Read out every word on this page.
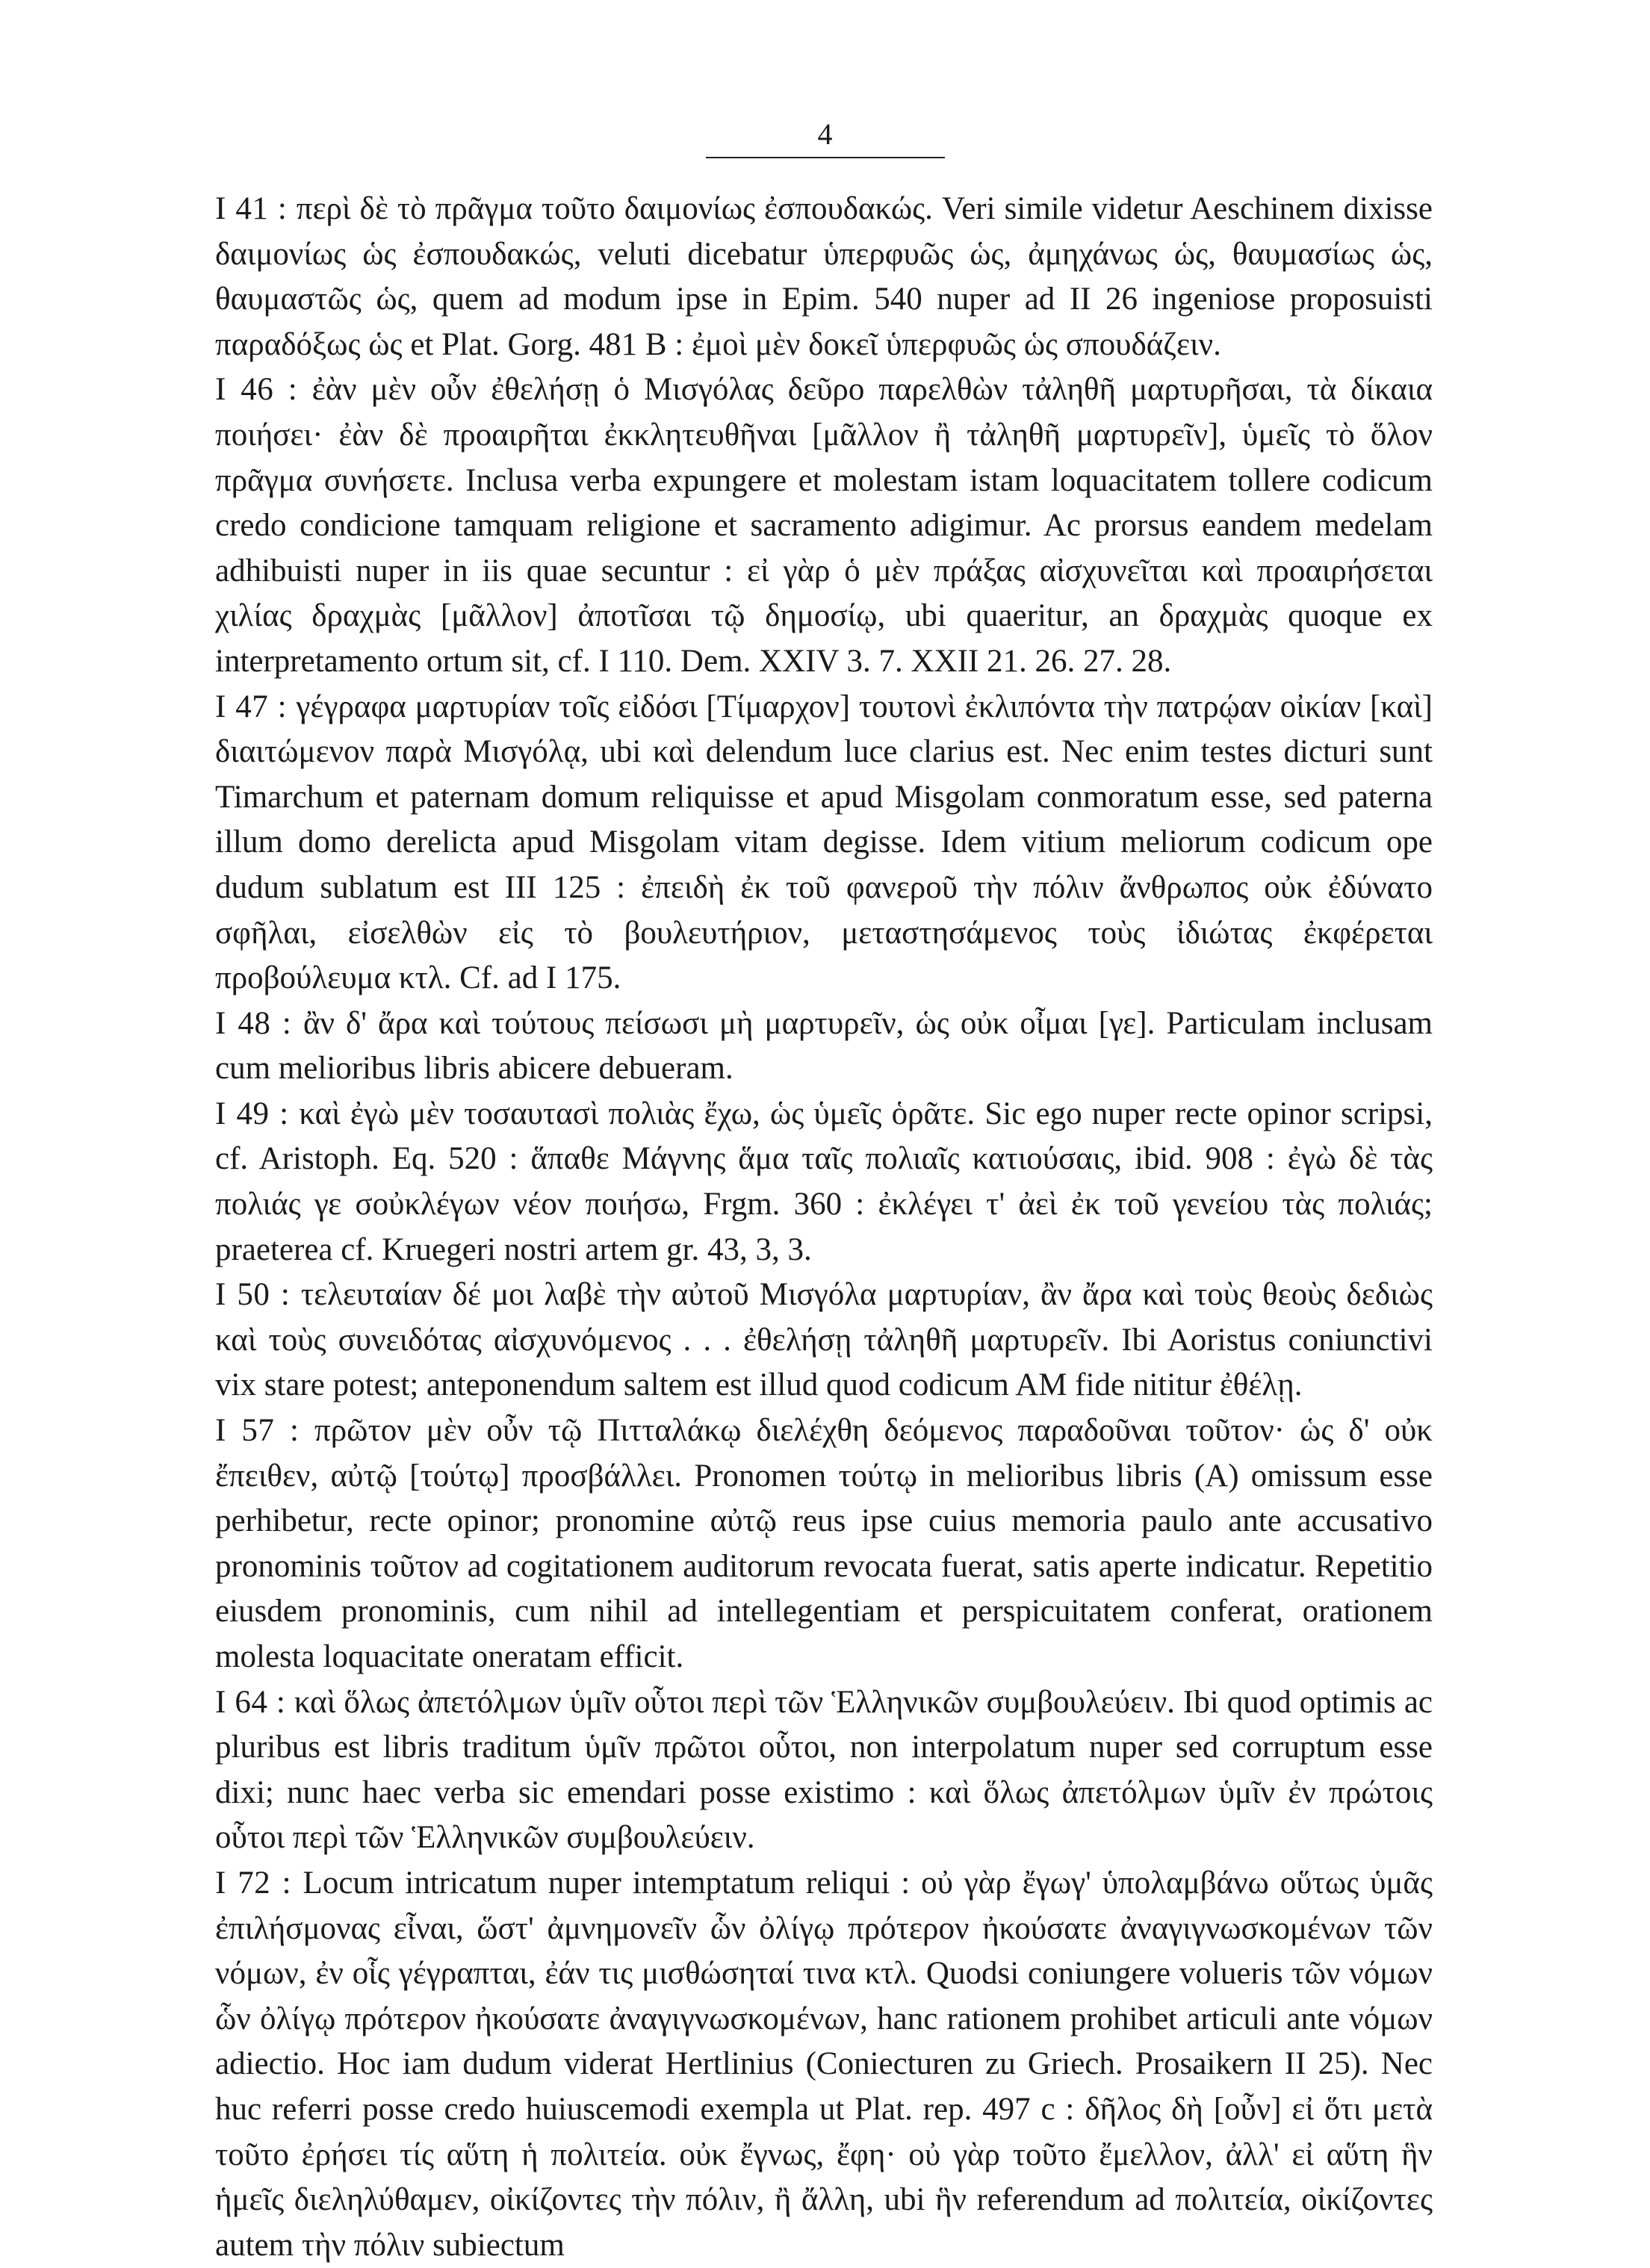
4

I 41 : περὶ δὲ τὸ πρᾶγμα τοῦτο δαιμονίως ἐσπουδακώς. Veri simile videtur Aeschinem dixisse δαιμονίως ὡς ἐσπουδακώς, veluti dicebatur ὑπερφυῶς ὡς, ἀμηχάνως ὡς, θαυμασίως ὡς, θαυμαστῶς ὡς, quem ad modum ipse in Epim. 540 nuper ad II 26 ingeniose proposuisti παραδόξως ὡς et Plat. Gorg. 481 B : ἐμοὶ μὲν δοκεῖ ὑπερφυῶς ὡς σπουδάζειν.

I 46 : ἐὰν μὲν οὖν ἐθελήσῃ ὁ Μισγόλας δεῦρο παρελθὼν τἀληθῆ μαρτυρῆσαι, τὰ δίκαια ποιήσει· ἐὰν δὲ προαιρῆται ἐκκλητευθῆναι [μᾶλλον ἢ τἀληθῆ μαρτυρεῖν], ὑμεῖς τὸ ὅλον πρᾶγμα συνήσετε. Inclusa verba expungere et molestam istam loquacitatem tollere codicum credo condicione tamquam religione et sacramento adigimur. Ac prorsus eandem medelam adhibuisti nuper in iis quae secuntur : εἰ γὰρ ὁ μὲν πράξας αἰσχυνεῖται καὶ προαιρήσεται χιλίας δραχμὰς [μᾶλλον] ἀποτῖσαι τῷ δημοσίῳ, ubi quaeritur, an δραχμὰς quoque ex interpretamento ortum sit, cf. I 110. Dem. XXIV 3. 7. XXII 21. 26. 27. 28.

I 47 : γέγραφα μαρτυρίαν τοῖς εἰδόσι [Τίμαρχον] τουτονὶ ἐκλιπόντα τὴν πατρῴαν οἰκίαν [καὶ] διαιτώμενον παρὰ Μισγόλᾳ, ubi καὶ delendum luce clarius est. Nec enim testes dicturi sunt Timarchum et paternam domum reliquisse et apud Misgolam conmoratum esse, sed paterna illum domo derelicta apud Misgolam vitam degisse. Idem vitium meliorum codicum ope dudum sublatum est III 125 : ἐπειδὴ ἐκ τοῦ φανεροῦ τὴν πόλιν ἄνθρωπος οὐκ ἐδύνατο σφῆλαι, εἰσελθὼν εἰς τὸ βουλευτήριον, μεταστησάμενος τοὺς ἰδιώτας ἐκφέρεται προβούλευμα κτλ. Cf. ad I 175.

I 48 : ἂν δ' ἄρα καὶ τούτους πείσωσι μὴ μαρτυρεῖν, ὡς οὐκ οἶμαι [γε]. Particulam inclusam cum melioribus libris abicere debueram.

I 49 : καὶ ἐγὼ μὲν τοσαυτασὶ πολιὰς ἔχω, ὡς ὑμεῖς ὁρᾶτε. Sic ego nuper recte opinor scripsi, cf. Aristoph. Eq. 520 : ἅπαθε Μάγνης ἅμα ταῖς πολιαῖς κατιούσαις, ibid. 908 : ἐγὼ δὲ τὰς πολιάς γε σοὐκλέγων νέον ποιήσω, Frgm. 360 : ἐκλέγει τ' ἀεὶ ἐκ τοῦ γενείου τὰς πολιάς; praeterea cf. Kruegeri nostri artem gr. 43, 3, 3.

I 50 : τελευταίαν δέ μοι λαβὲ τὴν αὐτοῦ Μισγόλα μαρτυρίαν, ἂν ἄρα καὶ τοὺς θεοὺς δεδιὼς καὶ τοὺς συνειδότας αἰσχυνόμενος . . . ἐθελήσῃ τἀληθῆ μαρτυρεῖν. Ibi Aoristus coniunctivi vix stare potest; anteponendum saltem est illud quod codicum AM fide nititur ἐθέλῃ.

I 57 : πρῶτον μὲν οὖν τῷ Πιτταλάκῳ διελέχθη δεόμενος παραδοῦναι τοῦτον· ὡς δ' οὐκ ἔπειθεν, αὐτῷ [τούτῳ] προσβάλλει. Pronomen τούτῳ in melioribus libris (A) omissum esse perhibetur, recte opinor; pronomine αὐτῷ reus ipse cuius memoria paulo ante accusativo pronominis τοῦτον ad cogitationem auditorum revocata fuerat, satis aperte indicatur. Repetitio eiusdem pronominis, cum nihil ad intellegentiam et perspicuitatem conferat, orationem molesta loquacitate oneratam efficit.

I 64 : καὶ ὅλως ἀπετόλμων ὑμῖν οὗτοι περὶ τῶν Ἑλληνικῶν συμβουλεύειν. Ibi quod optimis ac pluribus est libris traditum ὑμῖν πρῶτοι οὗτοι, non interpolatum nuper sed corruptum esse dixi; nunc haec verba sic emendari posse existimo : καὶ ὅλως ἀπετόλμων ὑμῖν ἐν πρώτοις οὗτοι περὶ τῶν Ἑλληνικῶν συμβουλεύειν.

I 72 : Locum intricatum nuper intemptatum reliqui : οὐ γὰρ ἔγωγ' ὑπολαμβάνω οὕτως ὑμᾶς ἐπιλήσμονας εἶναι, ὥστ' ἀμνημονεῖν ὧν ὀλίγῳ πρότερον ἠκούσατε ἀναγιγνωσκομένων τῶν νόμων, ἐν οἷς γέγραπται, ἐάν τις μισθώσηταί τινα κτλ. Quodsi coniungere volueris τῶν νόμων ὧν ὀλίγῳ πρότερον ἠκούσατε ἀναγιγνωσκομένων, hanc rationem prohibet articuli ante νόμων adiectio. Hoc iam dudum viderat Hertlinius (Coniecturen zu Griech. Prosaikern II 25). Nec huc referri posse credo huiuscemodi exempla ut Plat. rep. 497 c : δῆλος δὴ [οὖν] εἰ ὅτι μετὰ τοῦτο ἐρήσει τίς αὕτη ἡ πολιτεία. οὐκ ἔγνως, ἔφη· οὐ γὰρ τοῦτο ἔμελλον, ἀλλ' εἰ αὕτη ἣν ἡμεῖς διεληλύθαμεν, οἰκίζοντες τὴν πόλιν, ἢ ἄλλη, ubi ἣν referendum ad πολιτεία, οἰκίζοντες autem τὴν πόλιν subiectum
